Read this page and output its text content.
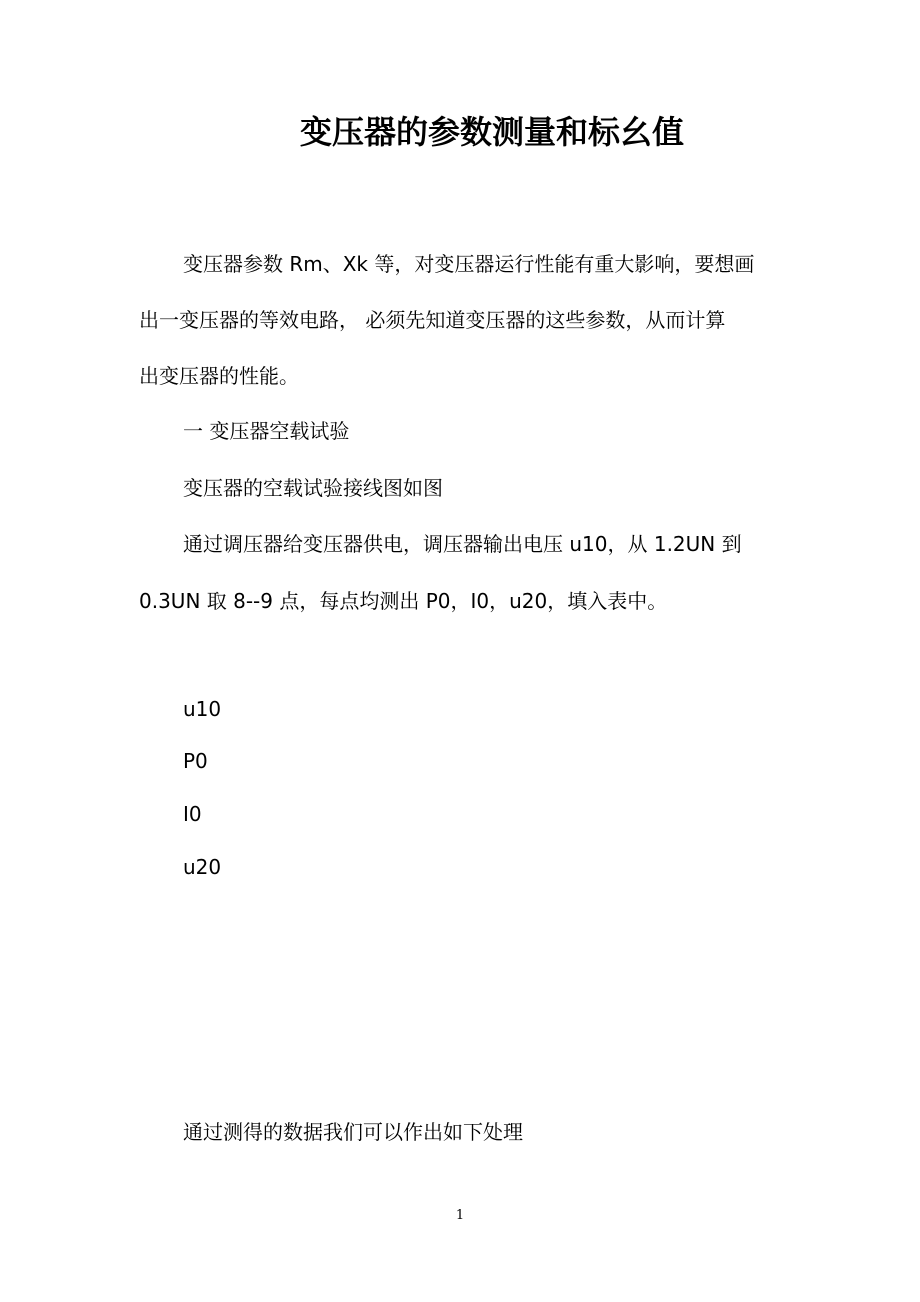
变压器的参数测量和标幺值
变压器参数 Rm、Xk 等，对变压器运行性能有重大影响，要想画
出一变压器的等效电路， 必须先知道变压器的这些参数，从而计算
出变压器的性能。
一 变压器空载试验
变压器的空载试验接线图如图
通过调压器给变压器供电，调压器输出电压 u10，从 1.2UN 到
0.3UN 取 8--9 点，每点均测出 P0，I0，u20，填入表中。
u10
P0
I0
u20
通过测得的数据我们可以作出如下处理
1
